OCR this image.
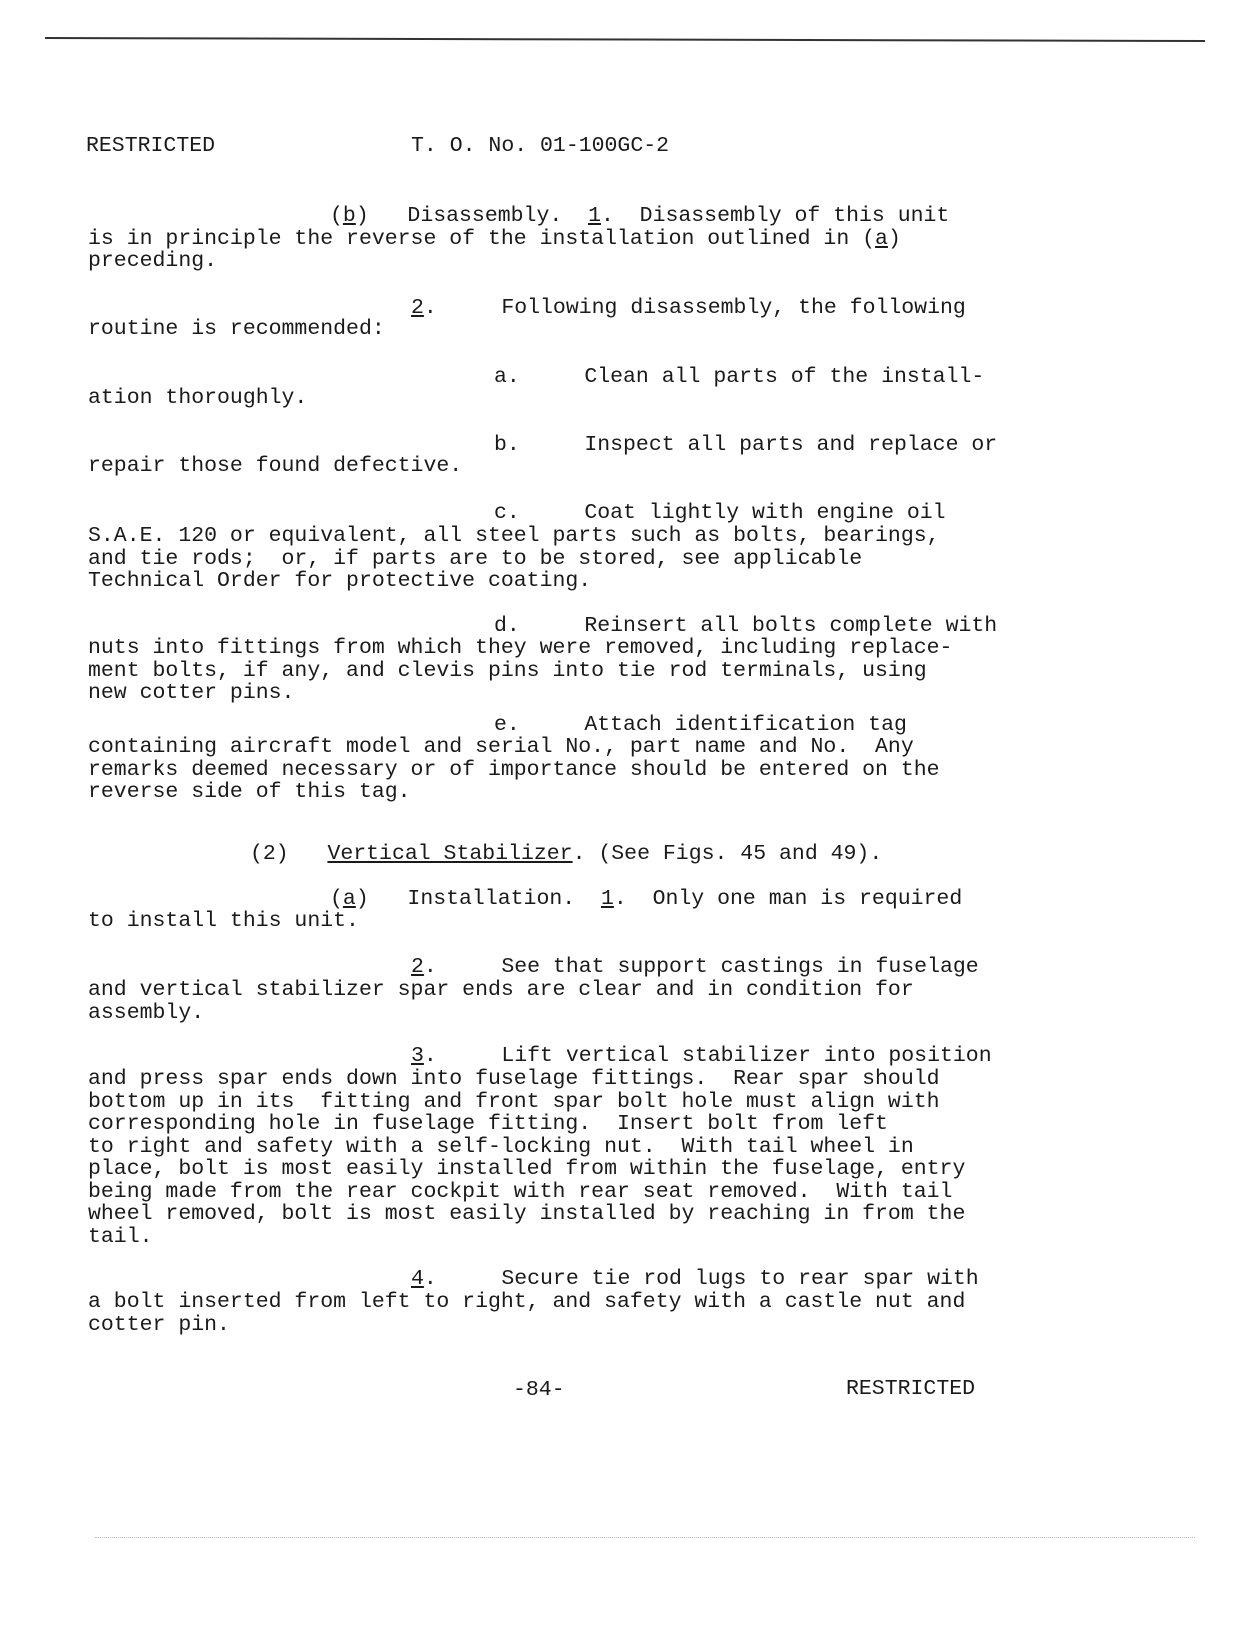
RESTRICTED	T. O. No. 01-100GC-2
(b)   Disassembly.  1.  Disassembly of this unit
is in principle the reverse of the installation outlined in (a)
preceding.
2.     Following disassembly, the following
routine is recommended:
a.     Clean all parts of the install-
ation thoroughly.
b.     Inspect all parts and replace or
repair those found defective.
c.     Coat lightly with engine oil
S.A.E. 120 or equivalent, all steel parts such as bolts, bearings,
and tie rods;  or, if parts are to be stored, see applicable
Technical Order for protective coating.
d.     Reinsert all bolts complete with
nuts into fittings from which they were removed, including replace-
ment bolts, if any, and clevis pins into tie rod terminals, using
new cotter pins.
e.     Attach identification tag
containing aircraft model and serial No., part name and No.  Any
remarks deemed necessary or of importance should be entered on the
reverse side of this tag.
(2) Vertical Stabilizer. (See Figs. 45 and 49).
(a)   Installation.  1.  Only one man is required
to install this unit.
2.     See that support castings in fuselage
and vertical stabilizer spar ends are clear and in condition for
assembly.
3.     Lift vertical stabilizer into position
and press spar ends down into fuselage fittings.  Rear spar should
bottom up in its  fitting and front spar bolt hole must align with
corresponding hole in fuselage fitting.  Insert bolt from left
to right and safety with a self-locking nut.  With tail wheel in
place, bolt is most easily installed from within the fuselage, entry
being made from the rear cockpit with rear seat removed.  With tail
wheel removed, bolt is most easily installed by reaching in from the
tail.
4.     Secure tie rod lugs to rear spar with
a bolt inserted from left to right, and safety with a castle nut and
cotter pin.
-84-	RESTRICTED
